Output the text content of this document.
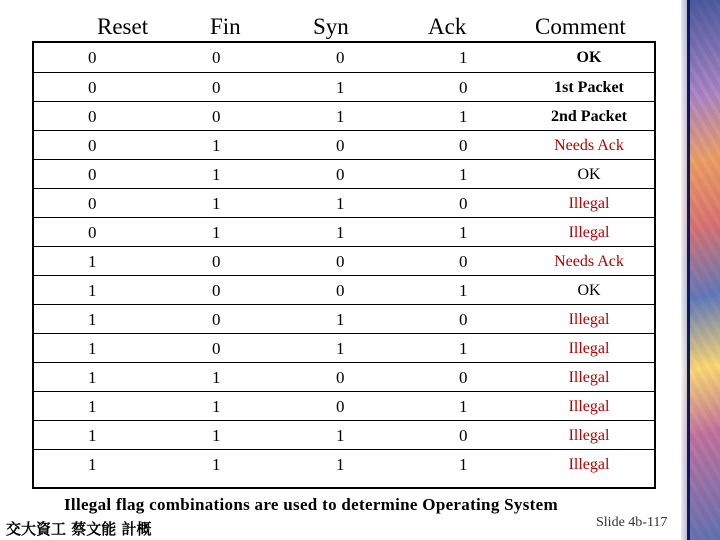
Reset	Fin	Syn	Ack	Comment
0	0	0	1	OK
0	0	1	0	1st Packet
0	0	1	1	2nd Packet
0	1	0	0	Needs Ack
0	1	0	1	OK
0	1	1	0	Illegal
0	1	1	1	Illegal
1	0	0	0	Needs Ack
1	0	0	1	OK
1	0	1	0	Illegal
1	0	1	1	Illegal
1	1	0	0	Illegal
1	1	0	1	Illegal
1	1	1	0	Illegal
1	1	1	1	Illegal
Illegal flag combinations are used to determine Operating System
交大資工 蔡文能 計概	Slide 4b-117
